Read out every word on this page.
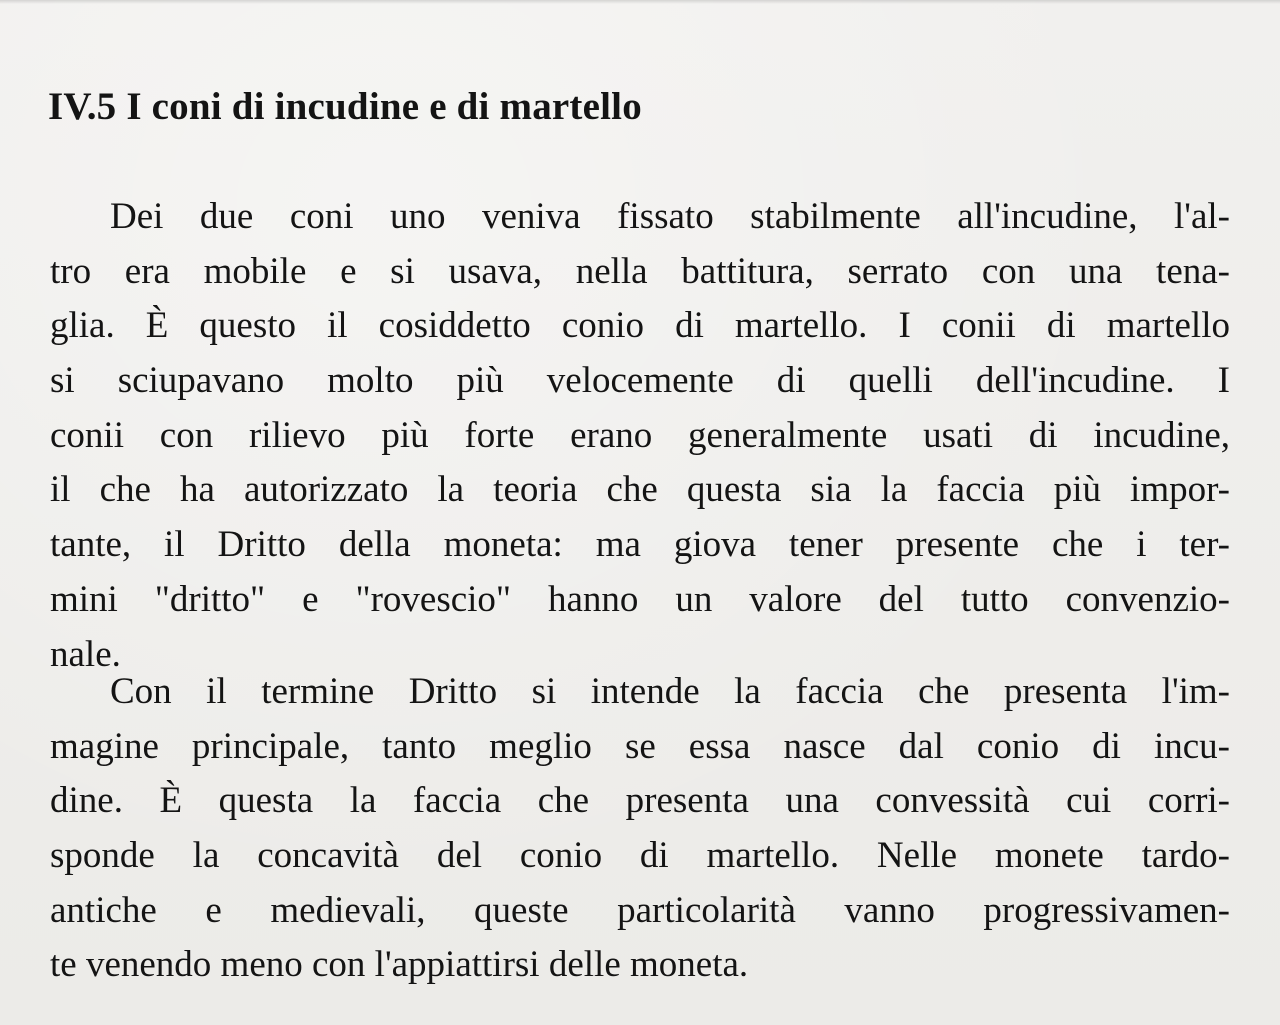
IV.5 I coni di incudine e di martello
Dei due coni uno veniva fissato stabilmente all'incudine, l'al-
tro era mobile e si usava, nella battitura, serrato con una tena-
glia. È questo il cosiddetto conio di martello. I conii di martello
si sciupavano molto più velocemente di quelli dell'incudine. I
conii con rilievo più forte erano generalmente usati di incudine,
il che ha autorizzato la teoria che questa sia la faccia più impor-
tante, il Dritto della moneta: ma giova tener presente che i ter-
mini "dritto" e "rovescio" hanno un valore del tutto convenzio-
nale.
Con il termine Dritto si intende la faccia che presenta l'im-
magine principale, tanto meglio se essa nasce dal conio di incu-
dine. È questa la faccia che presenta una convessità cui corri-
sponde la concavità del conio di martello. Nelle monete tardo-
antiche e medievali, queste particolarità vanno progressivamen-
te venendo meno con l'appiattirsi delle moneta.
